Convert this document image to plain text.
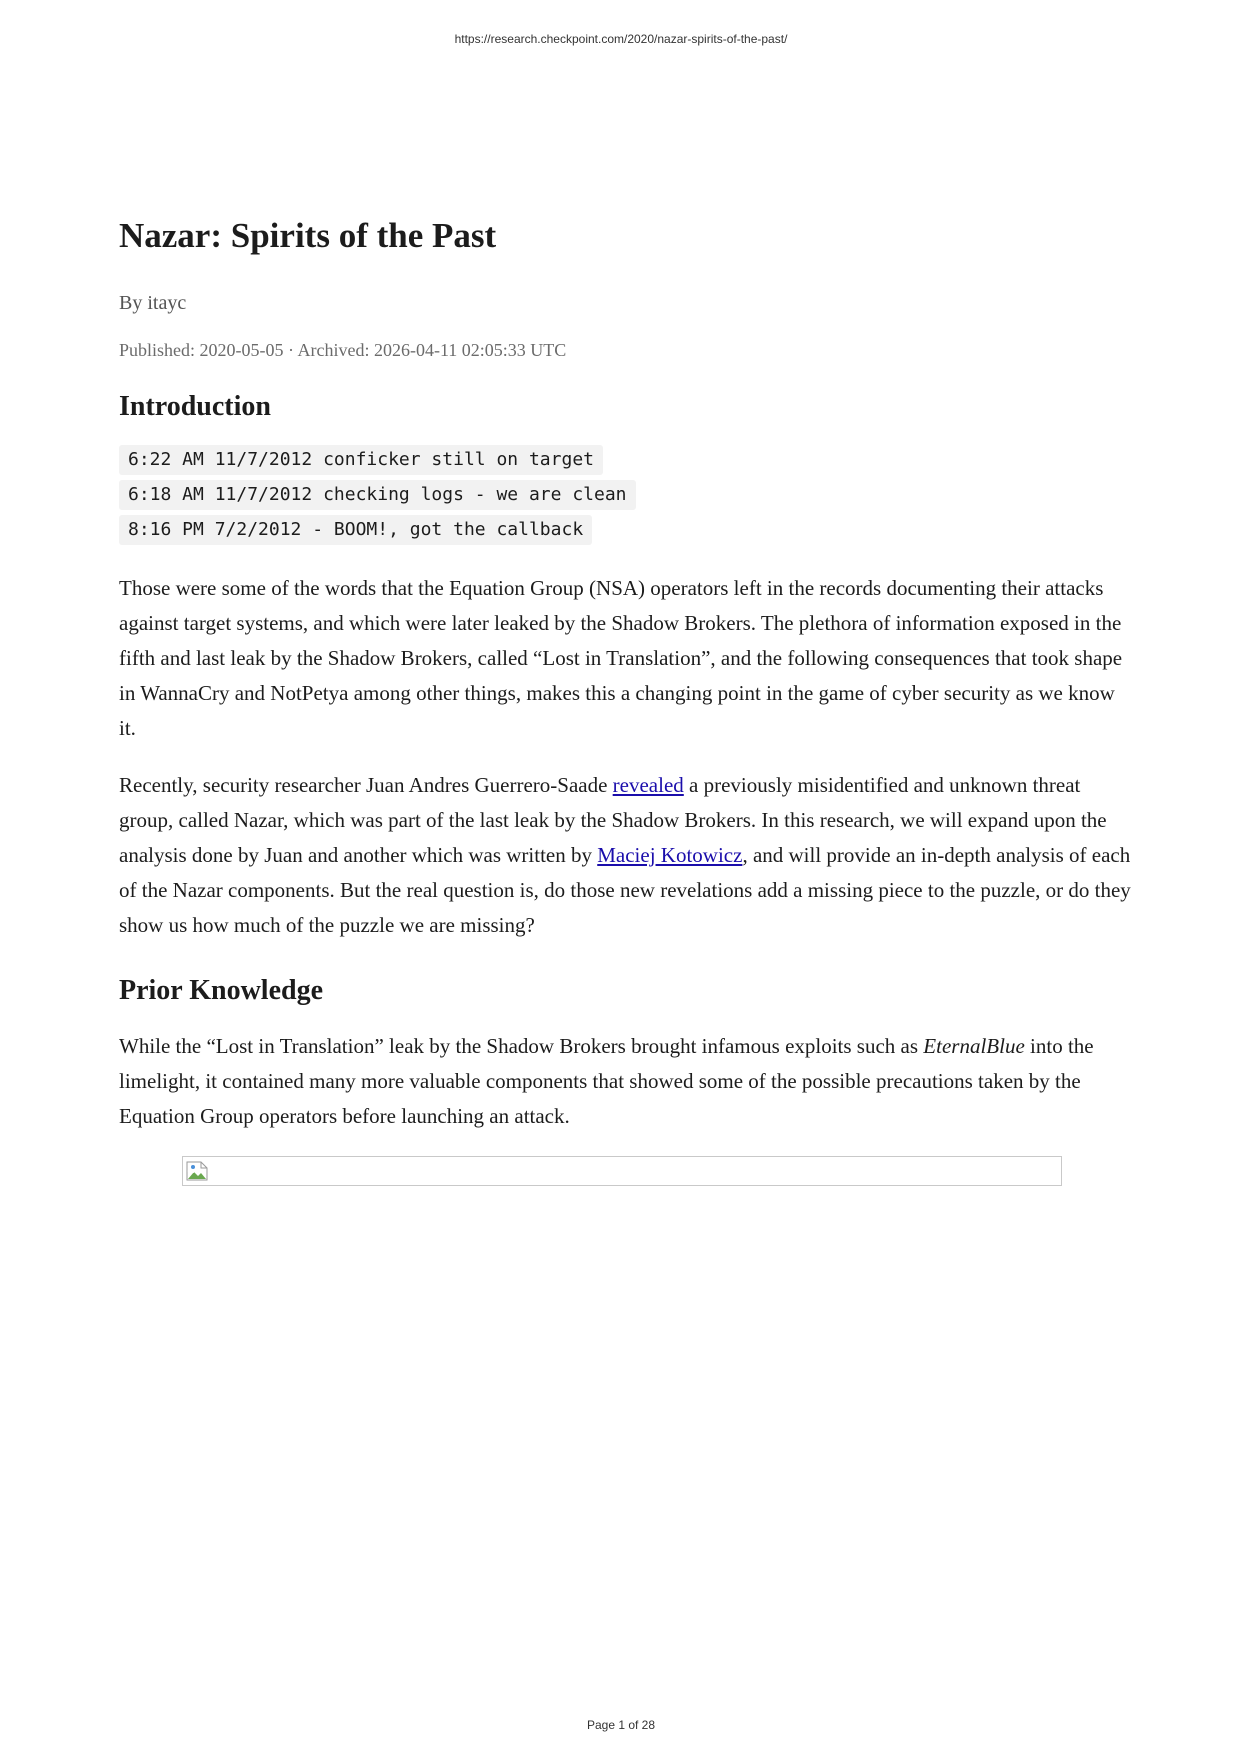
https://research.checkpoint.com/2020/nazar-spirits-of-the-past/
Nazar: Spirits of the Past
By itayc
Published: 2020-05-05 · Archived: 2026-04-11 02:05:33 UTC
Introduction
6:22 AM 11/7/2012 conficker still on target
6:18 AM 11/7/2012 checking logs - we are clean
8:16 PM 7/2/2012 - BOOM!, got the callback

Those were some of the words that the Equation Group (NSA) operators left in the records documenting their attacks against target systems, and which were later leaked by the Shadow Brokers. The plethora of information exposed in the fifth and last leak by the Shadow Brokers, called “Lost in Translation”, and the following consequences that took shape in WannaCry and NotPetya among other things, makes this a changing point in the game of cyber security as we know it.

Recently, security researcher Juan Andres Guerrero-Saade revealed a previously misidentified and unknown threat group, called Nazar, which was part of the last leak by the Shadow Brokers. In this research, we will expand upon the analysis done by Juan and another which was written by Maciej Kotowicz, and will provide an in-depth analysis of each of the Nazar components. But the real question is, do those new revelations add a missing piece to the puzzle, or do they show us how much of the puzzle we are missing?

Prior Knowledge

While the “Lost in Translation” leak by the Shadow Brokers brought infamous exploits such as EternalBlue into the limelight, it contained many more valuable components that showed some of the possible precautions taken by the Equation Group operators before launching an attack.

Page 1 of 28
